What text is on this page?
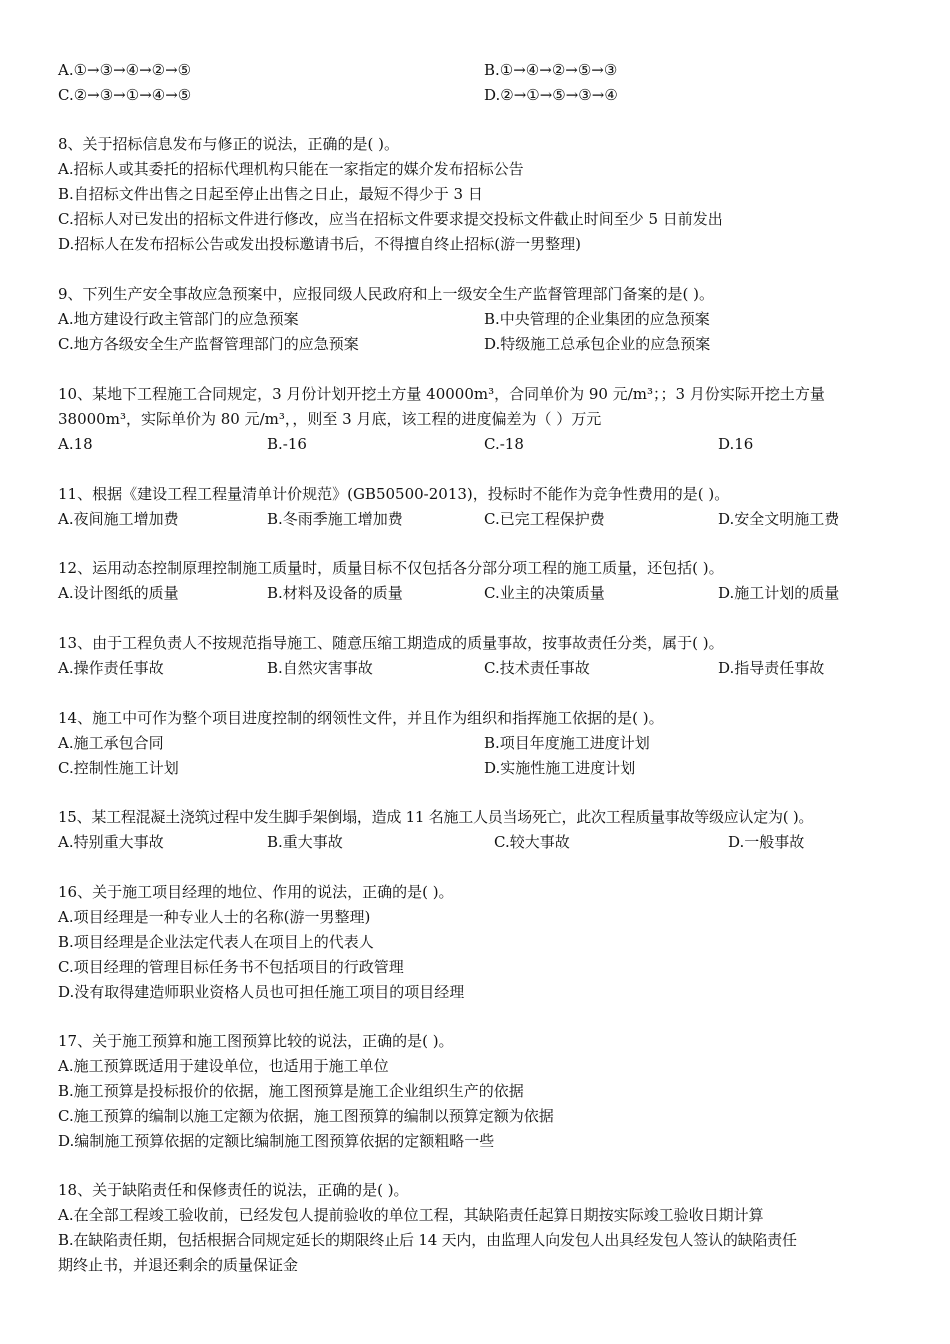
A.①→③→④→②→⑤	B.①→④→②→⑤→③
C.②→③→①→④→⑤	D.②→①→⑤→③→④
8、关于招标信息发布与修正的说法，正确的是( )。
A.招标人或其委托的招标代理机构只能在一家指定的媒介发布招标公告
B.自招标文件出售之日起至停止出售之日止，最短不得少于 3 日
C.招标人对已发出的招标文件进行修改，应当在招标文件要求提交投标文件截止时间至少 5 日前发出
D.招标人在发布招标公告或发出投标邀请书后，不得擅自终止招标(游一男整理)
9、下列生产安全事故应急预案中，应报同级人民政府和上一级安全生产监督管理部门备案的是( )。
A.地方建设行政主管部门的应急预案	B.中央管理的企业集团的应急预案
C.地方各级安全生产监督管理部门的应急预案	D.特级施工总承包企业的应急预案
10、某地下工程施工合同规定，3 月份计划开挖土方量 40000m³，合同单价为 90 元/m³；；3 月份实际开挖土方量
38000m³，实际单价为 80 元/m³，，则至 3 月底，该工程的进度偏差为（ ）万元
A.18	B.-16	C.-18	D.16
11、根据《建设工程工程量清单计价规范》(GB50500-2013)，投标时不能作为竞争性费用的是( )。
A.夜间施工增加费	B.冬雨季施工增加费	C.已完工程保护费	D.安全文明施工费
12、运用动态控制原理控制施工质量时，质量目标不仅包括各分部分项工程的施工质量，还包括( )。
A.设计图纸的质量	B.材料及设备的质量	C.业主的决策质量	D.施工计划的质量
13、由于工程负责人不按规范指导施工、随意压缩工期造成的质量事故，按事故责任分类，属于( )。
A.操作责任事故	B.自然灾害事故	C.技术责任事故	D.指导责任事故
14、施工中可作为整个项目进度控制的纲领性文件，并且作为组织和指挥施工依据的是( )。
A.施工承包合同	B.项目年度施工进度计划
C.控制性施工计划	D.实施性施工进度计划
15、某工程混凝土浇筑过程中发生脚手架倒塌，造成 11 名施工人员当场死亡，此次工程质量事故等级应认定为( )。
A.特别重大事故	B.重大事故	C.较大事故	D.一般事故
16、关于施工项目经理的地位、作用的说法，正确的是( )。
A.项目经理是一种专业人士的名称(游一男整理)
B.项目经理是企业法定代表人在项目上的代表人
C.项目经理的管理目标任务书不包括项目的行政管理
D.没有取得建造师职业资格人员也可担任施工项目的项目经理
17、关于施工预算和施工图预算比较的说法，正确的是( )。
A.施工预算既适用于建设单位，也适用于施工单位
B.施工预算是投标报价的依据，施工图预算是施工企业组织生产的依据
C.施工预算的编制以施工定额为依据，施工图预算的编制以预算定额为依据
D.编制施工预算依据的定额比编制施工图预算依据的定额粗略一些
18、关于缺陷责任和保修责任的说法，正确的是( )。
A.在全部工程竣工验收前，已经发包人提前验收的单位工程，其缺陷责任起算日期按实际竣工验收日期计算
B.在缺陷责任期，包括根据合同规定延长的期限终止后 14 天内，由监理人向发包人出具经发包人签认的缺陷责任
期终止书，并退还剩余的质量保证金
